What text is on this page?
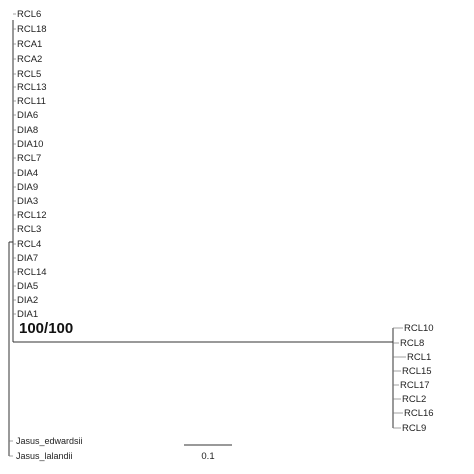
RCL6
RCL18
RCA1
RCA2
RCL5
RCL13
RCL11
DIA6
DIA8
DIA10
RCL7
DIA4
DIA9
DIA3
RCL12
RCL3
RCL4
DIA7
RCL14
DIA5
DIA2
DIA1
100/100	RCL10
RCL8
RCL1
RCL15
RCL17
RCL2
RCL16
RCL9
Jasus_edwardsii
Jasus_lalandii	0.1
